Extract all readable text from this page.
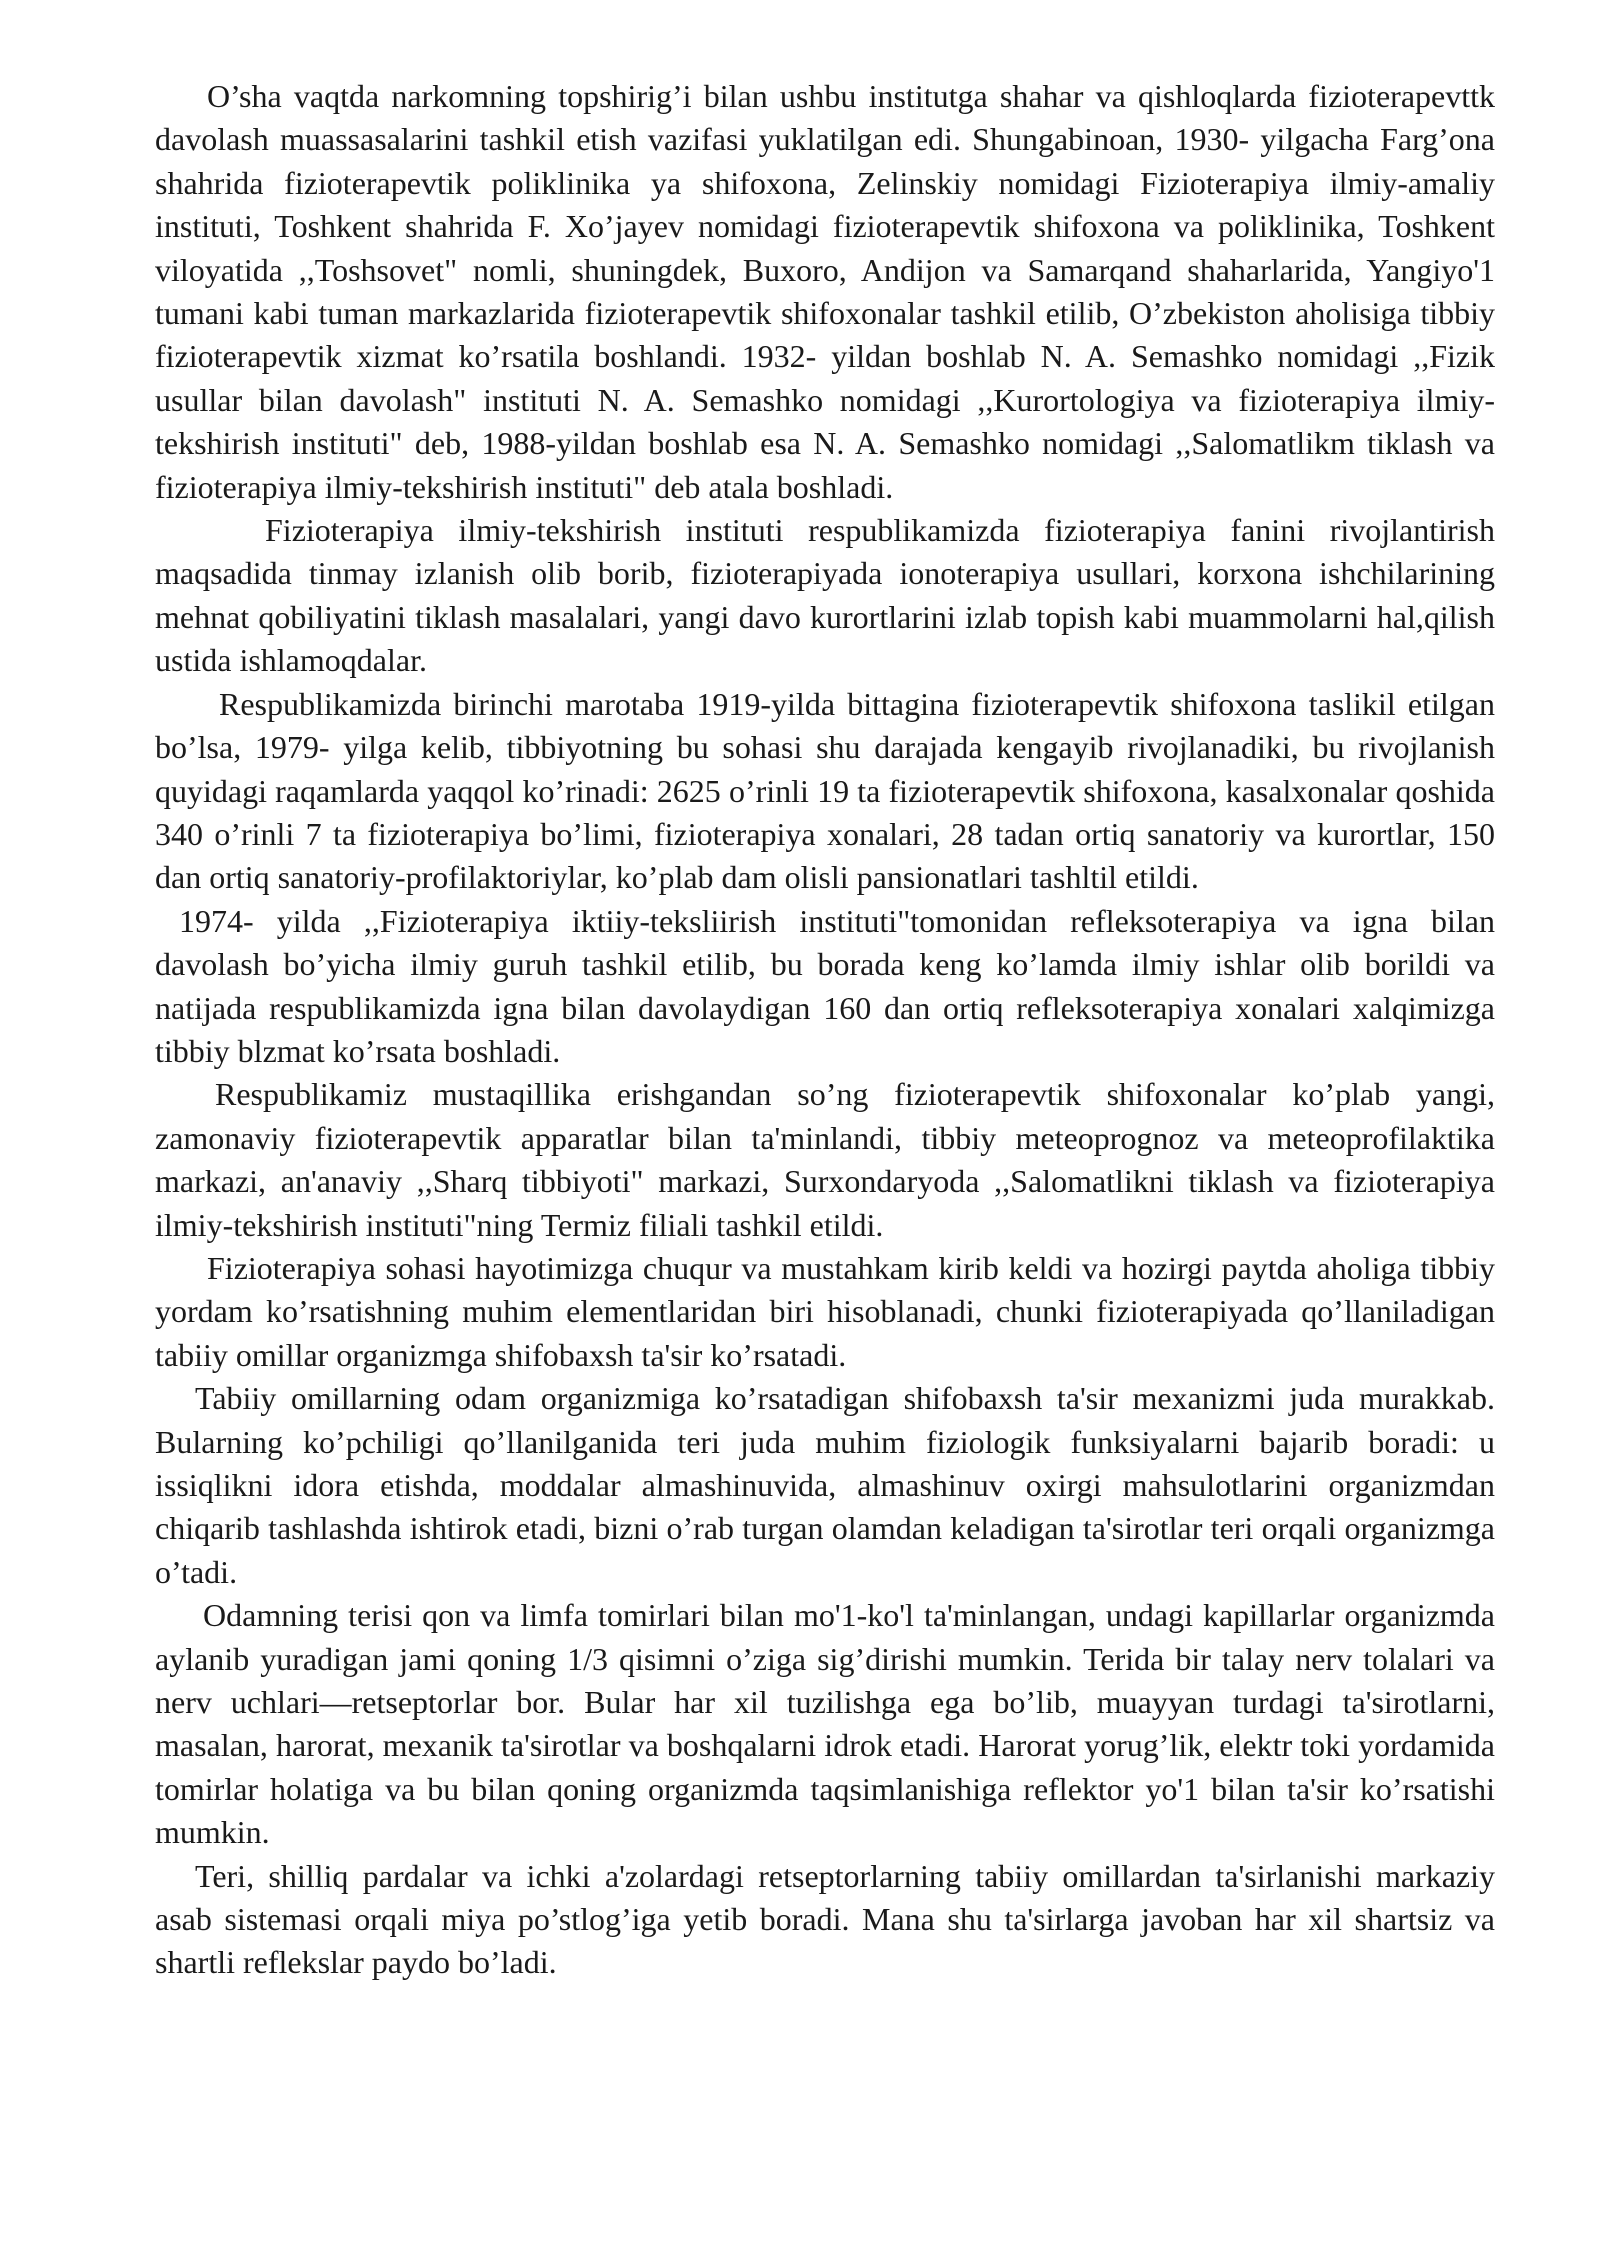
O’sha vaqtda narkomning topshirig’i bilan ushbu institutga shahar va qishloqlarda fizioterapevttk davolash muassasalarini tashkil etish vazifasi yuklatilgan edi. Shungabinoan, 1930- yilgacha Farg’ona shahrida fizioterapevtik poliklinika ya shifoxona, Zelinskiy nomidagi Fizioterapiya ilmiy-amaliy instituti, Toshkent shahrida F. Xo’jayev nomidagi fizioterapevtik shifoxona va poliklinika, Toshkent viloyatida ,,Toshsovet" nomli, shuningdek, Buxoro, Andijon va Samarqand shaharlarida, Yangiyo'1 tumani kabi tuman markazlarida fizioterapevtik shifoxonalar tashkil etilib, O’zbekiston aholisiga tibbiy fizioterapevtik xizmat ko’rsatila boshlandi. 1932- yildan boshlab N. A. Semashko nomidagi ,,Fizik usullar bilan davolash" instituti N. A. Semashko nomidagi ,,Kurortologiya va fizioterapiya ilmiy-tekshirish instituti" deb, 1988-yildan boshlab esa N. A. Semashko nomidagi ,,Salomatlikm tiklash va fizioterapiya ilmiy-tekshirish instituti" deb atala boshladi.

Fizioterapiya ilmiy-tekshirish instituti respublikamizda fizioterapiya fanini rivojlantirish maqsadida tinmay izlanish olib borib, fizioterapiyada ionoterapiya usullari, korxona ishchilarining mehnat qobiliyatini tiklash masalalari, yangi davo kurortlarini izlab topish kabi muammolarni hal,qilish ustida ishlamoqdalar.

Respublikamizda birinchi marotaba 1919-yilda bittagina fizioterapevtik shifoxona taslikil etilgan bo’lsa, 1979- yilga kelib, tibbiyotning bu sohasi shu darajada kengayib rivojlanadiki, bu rivojlanish quyidagi raqamlarda yaqqol ko’rinadi: 2625 o’rinli 19 ta fizioterapevtik shifoxona, kasalxonalar qoshida 340 o’rinli 7 ta fizioterapiya bo’limi, fizioterapiya xonalari, 28 tadan ortiq sanatoriy va kurortlar, 150 dan ortiq sanatoriy-profilaktoriylar, ko’plab dam olisli pansionatlari tashltil etildi.

1974- yilda ,,Fizioterapiya iktiiy-teksliirish instituti"tomonidan refleksoterapiya va igna bilan davolash bo’yicha ilmiy guruh tashkil etilib, bu borada keng ko’lamda ilmiy ishlar olib borildi va natijada respublikamizda igna bilan davolaydigan 160 dan ortiq refleksoterapiya xonalari xalqimizga tibbiy blzmat ko’rsata boshladi.

Respublikamiz mustaqillika erishgandan so’ng fizioterapevtik shifoxonalar ko’plab yangi, zamonaviy fizioterapevtik apparatlar bilan ta'minlandi, tibbiy meteoprognoz va meteoprofilaktika markazi, an'anaviy ,,Sharq tibbiyoti" markazi, Surxondaryoda ,,Salomatlikni tiklash va fizioterapiya ilmiy-tekshirish instituti"ning Termiz filiali tashkil etildi.

Fizioterapiya sohasi hayotimizga chuqur va mustahkam kirib keldi va hozirgi paytda aholiga tibbiy yordam ko’rsatishning muhim elementlaridan biri hisoblanadi, chunki fizioterapiyada qo’llaniladigan tabiiy omillar organizmga shifobaxsh ta'sir ko’rsatadi.

Tabiiy omillarning odam organizmiga ko’rsatadigan shifobaxsh ta'sir mexanizmi juda murakkab. Bularning ko’pchiligi qo’llanilganida teri juda muhim fiziologik funksiyalarni bajarib boradi: u issiqlikni idora etishda, moddalar almashinuvida, almashinuv oxirgi mahsulotlarini organizmdan chiqarib tashlashda ishtirok etadi, bizni o’rab turgan olamdan keladigan ta'sirotlar teri orqali organizmga o’tadi.

Odamning terisi qon va limfa tomirlari bilan mo'1-ko'l ta'minlangan, undagi kapillarlar organizmda aylanib yuradigan jami qoning 1/3 qisimni o’ziga sig’dirishi mumkin. Terida bir talay nerv tolalari va nerv uchlari—retseptorlar bor. Bular har xil tuzilishga ega bo’lib, muayyan turdagi ta'sirotlarni, masalan, harorat, mexanik ta'sirotlar va boshqalarni idrok etadi. Harorat yorug’lik, elektr toki yordamida tomirlar holatiga va bu bilan qoning organizmda taqsimlanishiga reflektor yo'1 bilan ta'sir ko’rsatishi mumkin.

Teri, shilliq pardalar va ichki a'zolardagi retseptorlarning tabiiy omillardan ta'sirlanishi markaziy asab sistemasi orqali miya po’stlog’iga yetib boradi. Mana shu ta'sirlarga javoban har xil shartsiz va shartli reflekslar paydo bo’ladi.
